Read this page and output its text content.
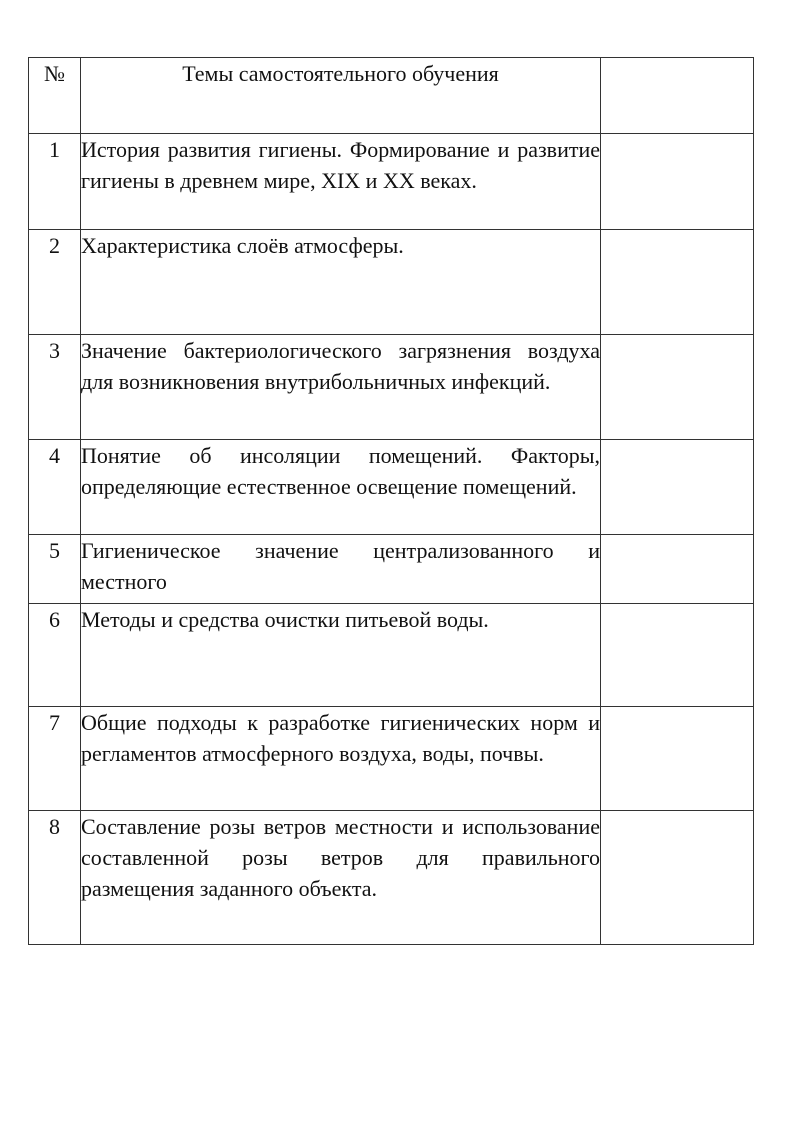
№	Темы самостоятельного обучения	
1	История развития гигиены. Формирование и развитие гигиены в древнем мире, XIX и XX веках.	

2	Характеристика слоёв атмосферы.	

3	Значение бактериологического загрязнения воздуха для возникновения внутрибольничных инфекций.	

4	Понятие об инсоляции помещений. Факторы, определяющие естественное освещение помещений.	

5	Гигиеническое значение централизованного и местного	

6	Методы и средства очистки питьевой воды.	

7	Общие подходы к разработке гигиенических норм и регламентов атмосферного воздуха, воды, почвы.	

8	Составление розы ветров местности и использование составленной розы ветров для правильного размещения заданного объекта.	
